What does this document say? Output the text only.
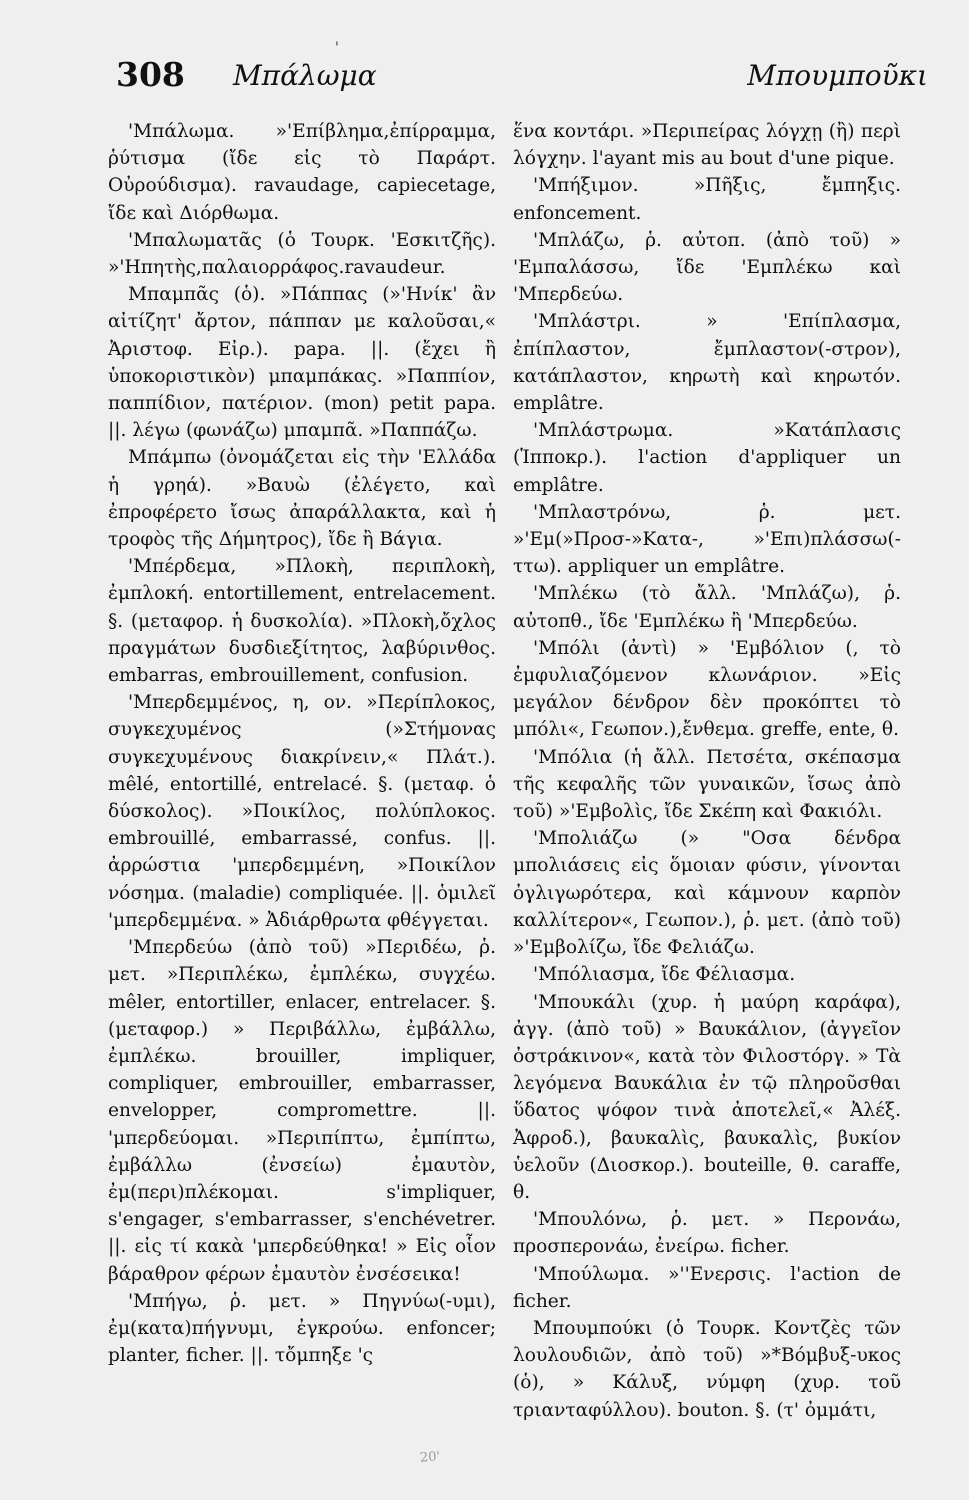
'
308 Μπάλωμα	Μπουμποῦκι

'Μπάλωμα. »'Επίβλημα,ἐπίρραμμα, ῥύτισμα (ἴδε εἰς τὸ Παράρτ. Οὐρούδισμα). ravaudage, capiecetage, ἴδε καὶ Διόρθωμα.

'Μπαλωματᾶς (ὁ Τουρκ. 'Εσκιτζῆς). »'Ηπητὴς,παλαιορράφος.ravaudeur.

Μπαμπᾶς (ὁ). »Πάππας (»'Ηνίκ' ἂν αἰτίζητ' ἄρτον, πάππαν με καλοῦσαι,« Ἀριστοφ. Εἰρ.). papa. ||. (ἔχει ἢ ὑποκοριστικὸν) μπαμπάκας. »Παππίον, παππίδιον, πατέριον. (mon) petit papa. ||. λέγω (φωνάζω) μπαμπᾶ. »Παππάζω.

Μπάμπω (ὀνομάζεται εἰς τὴν 'Ελλάδα ἡ γρηά). »Βαυὼ (ἐλέγετο, καὶ ἐπροφέρετο ἴσως ἀπαράλλακτα, καὶ ἡ τροφὸς τῆς Δήμητρος), ἴδε ἢ Βάγια.

'Μπέρδεμα, »Πλοκὴ, περιπλοκὴ, ἐμπλοκή. entortillement, entrelacement. §. (μεταφορ. ἡ δυσκολία). »Πλοκὴ,ὄχλος πραγμάτων δυσδιεξίτητος, λαβύρινθος. embarras, embrouillement, confusion.

'Μπερδεμμένος, η, ον. »Περίπλοκος, συγκεχυμένος (»Στήμονας συγκεχυμένους διακρίνειν,« Πλάτ.). mêlé, entortillé, entrelacé. §. (μεταφ. ὁ δύσκολος). »Ποικίλος, πολύπλοκος. embrouillé, embarrassé, confus. ||. ἀρρώστια 'μπερδεμμένη, »Ποικίλον νόσημα. (maladie) compliquée. ||. ὁμιλεῖ 'μπερδεμμένα. » Ἀδιάρθρωτα φθέγγεται.

'Μπερδεύω (ἀπὸ τοῦ) »Περιδέω, ῥ. μετ. »Περιπλέκω, ἐμπλέκω, συγχέω. mêler, entortiller, enlacer, entrelacer. §. (μεταφορ.) » Περιβάλλω, ἐμβάλλω, ἐμπλέκω. brouiller, impliquer, compliquer, embrouiller, embarrasser, envelopper, compromettre. ||. 'μπερδεύομαι. »Περιπίπτω, ἐμπίπτω, ἐμβάλλω (ἐνσείω) ἐμαυτὸν, ἐμ(περι)πλέκομαι. s'impliquer, s'engager, s'embarrasser, s'enchévetrer. ||. εἰς τί κακὰ 'μπερδεύθηκα! » Εἰς οἷον βάραθρον φέρων ἐμαυτὸν ἐνσέσεικα!

'Μπήγω, ῥ. μετ. » Πηγνύω(-υμι), ἐμ(κατα)πήγνυμι, ἐγκρούω. enfoncer; planter, ficher. ||. τὄμπηξε 'ς

ἕνα κοντάρι. »Περιπείρας λόγχῃ (ἢ) περὶ λόγχην. l'ayant mis au bout d'une pique.

'Μπήξιμον. »Πῆξις, ἔμπηξις. enfoncement.

'Μπλάζω, ῥ. αὐτοπ. (ἀπὸ τοῦ) » 'Εμπαλάσσω, ἴδε 'Εμπλέκω καὶ 'Μπερδεύω.

'Μπλάστρι. » 'Επίπλασμα, ἐπίπλαστον, ἔμπλαστον(-στρον), κατάπλαστον, κηρωτὴ καὶ κηρωτόν. emplâtre.

'Μπλάστρωμα. »Κατάπλασις (Ἱπποκρ.). l'action d'appliquer un emplâtre.

'Μπλαστρόνω, ῥ. μετ. »'Εμ(»Προσ-»Κατα-, »'Επι)πλάσσω(-ττω). appliquer un emplâtre.

'Μπλέκω (τὸ ἄλλ. 'Μπλάζω), ῥ. αὐτοπθ., ἴδε 'Εμπλέκω ἢ 'Μπερδεύω.

'Μπόλι (ἀντὶ) » 'Εμβόλιον (, τὸ ἐμφυλιαζόμενον κλωνάριον. »Εἰς μεγάλον δένδρον δὲν προκόπτει τὸ μπόλι«, Γεωπον.),ἔνθεμα. greffe, ente, θ.

'Μπόλια (ἡ ἄλλ. Πετσέτα, σκέπασμα τῆς κεφαλῆς τῶν γυναικῶν, ἴσως ἀπὸ τοῦ) »'Εμβολὶς, ἴδε Σκέπη καὶ Φακιόλι.

'Μπολιάζω (» "Οσα δένδρα μπολιάσεις εἰς ὅμοιαν φύσιν, γίνονται ὀγλιγωρότερα, καὶ κάμνουν καρπὸν καλλίτερον«, Γεωπον.), ῥ. μετ. (ἀπὸ τοῦ) »'Εμβολίζω, ἴδε Φελιάζω.

'Μπόλιασμα, ἴδε Φέλιασμα.

'Μπουκάλι (χυρ. ἡ μαύρη καράφα), ἀγγ. (ἀπὸ τοῦ) » Βαυκάλιον, (ἀγγεῖον ὀστράκινον«, κατὰ τὸν Φιλοστόργ. » Τὰ λεγόμενα Βαυκάλια ἐν τῷ πληροῦσθαι ὕδατος ψόφον τινὰ ἀποτελεῖ,« Ἀλέξ. Ἀφροδ.), βαυκαλὶς, βαυκαλὶς, βυκίον ὑελοῦν (Διοσκορ.). bouteille, θ. caraffe, θ.

'Μπουλόνω, ῥ. μετ. » Περονάω, προσπερονάω, ἐνείρω. ficher.

'Μπούλωμα. »''Ενερσις. l'action de ficher.

Μπουμπούκι (ὁ Τουρκ. Κοντζὲς τῶν λουλουδιῶν, ἀπὸ τοῦ) »*Βόμβυξ-υκος (ὁ), » Κάλυξ, νύμφη (χυρ. τοῦ τριανταφύλλου). bouton. §. (τ' ὀμμάτι,

20'
